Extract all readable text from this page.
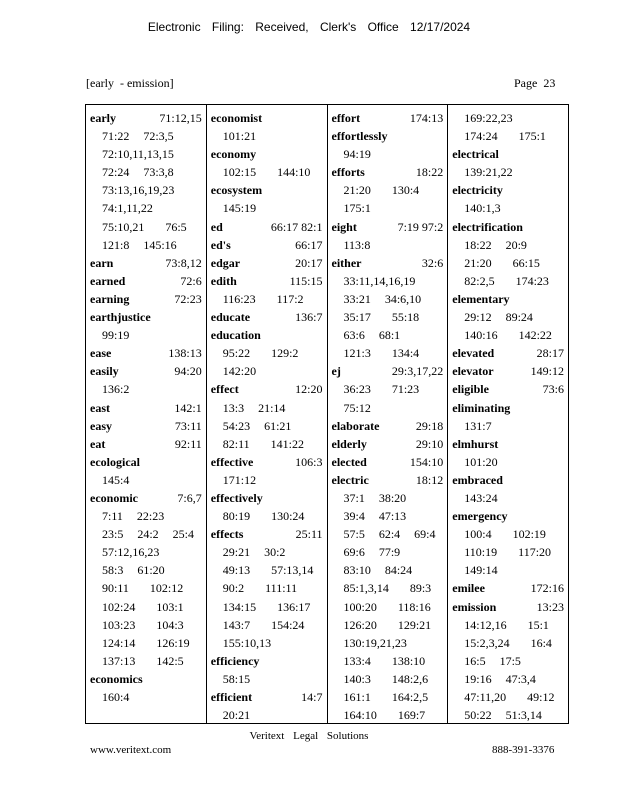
Electronic Filing: Received, Clerk's Office 12/17/2024
[early  - emission]	Page  23
early	71:12,15
71:22  72:3,5
72:10,11,13,15
72:24  73:3,8
73:13,16,19,23
74:1,11,22
75:10,21   76:5
121:8  145:16
earn	73:8,12
earned	72:6
earning	72:23
earthjustice
99:19
ease	138:13
easily	94:20
136:2
east	142:1
easy	73:11
eat	92:11
ecological
145:4
economic	7:6,7
7:11  22:23
23:5  24:2  25:4
57:12,16,23
58:3  61:20
90:11   102:12
102:24   103:1
103:23   104:3
124:14   126:19
137:13   142:5
economics
160:4
economist
101:21
economy
102:15   144:10
ecosystem
145:19
ed	66:17 82:1
ed's	66:17
edgar	20:17
edith	115:15
116:23   117:2
educate	136:7
education
95:22   129:2
142:20
effect	12:20
13:3  21:14
54:23  61:21
82:11   141:22
effective	106:3
171:12
effectively
80:19   130:24
effects	25:11
29:21  30:2
49:13   57:13,14
90:2   111:11
134:15   136:17
143:7   154:24
155:10,13
efficiency
58:15
efficient	14:7
20:21
effort	174:13
effortlessly
94:19
efforts	18:22
21:20   130:4
175:1
eight	7:19 97:2
113:8
either	32:6
33:11,14,16,19
33:21  34:6,10
35:17   55:18
63:6  68:1
121:3   134:4
ej	29:3,17,22
36:23   71:23
75:12
elaborate	29:18
elderly	29:10
elected	154:10
electric	18:12
37:1  38:20
39:4  47:13
57:5  62:4  69:4
69:6  77:9
83:10  84:24
85:1,3,14   89:3
100:20   118:16
126:20   129:21
130:19,21,23
133:4   138:10
140:3   148:2,6
161:1   164:2,5
164:10   169:7
169:22,23
174:24   175:1
electrical
139:21,22
electricity
140:1,3
electrification
18:22  20:9
21:20   66:15
82:2,5   174:23
elementary
29:12  89:24
140:16   142:22
elevated	28:17
elevator	149:12
eligible	73:6
eliminating
131:7
elmhurst
101:20
embraced
143:24
emergency
100:4   102:19
110:19   117:20
149:14
emilee	172:16
emission	13:23
14:12,16   15:1
15:2,3,24   16:4
16:5  17:5
19:16  47:3,4
47:11,20   49:12
50:22  51:3,14
Veritext Legal Solutions
www.veritext.com	888-391-3376
